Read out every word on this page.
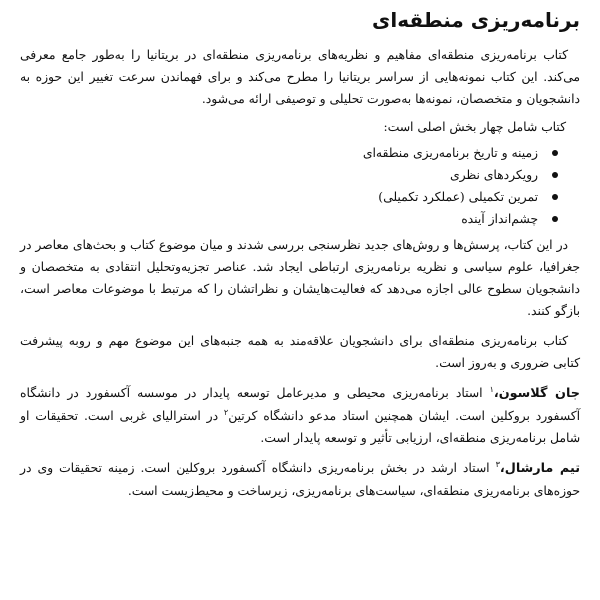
برنامه‌ریزی منطقه‌ای

کتاب برنامه‌ریزی منطقه‌ای مفاهیم و نظریه‌های برنامه‌ریزی منطقه‌ای در بریتانیا را به‌طور جامع معرفی می‌کند. این کتاب نمونه‌هایی از سراسر بریتانیا را مطرح می‌کند و برای فهماندن سرعت تغییر این حوزه به دانشجویان و متخصصان، نمونه‌ها به‌صورت تحلیلی و توصیفی ارائه می‌شود.

کتاب شامل چهار بخش اصلی است:

زمینه و تاریخ برنامه‌ریزی منطقه‌ای
رویکردهای نظری
تمرین تکمیلی (عملکرد تکمیلی)
چشم‌انداز آینده

در این کتاب، پرسش‌ها و روش‌های جدید نظرسنجی بررسی شدند و میان موضوع کتاب و بحث‌های معاصر در جغرافیا، علوم سیاسی و نظریه برنامه‌ریزی ارتباطی ایجاد شد. عناصر تجزیه‌وتحلیل انتقادی به متخصصان و دانشجویان سطوح عالی اجازه می‌دهد که فعالیت‌هایشان و نظراتشان را که مرتبط با موضوعات معاصر است، بازگو کنند.

کتاب برنامه‌ریزی منطقه‌ای برای دانشجویان علاقه‌مند به همه جنبه‌های این موضوع مهم و روبه پیشرفت کتابی ضروری و به‌روز است.

جان گلاسون،$^۱$ استاد برنامه‌ریزی محیطی و مدیرعامل توسعه پایدار در موسسه آکسفورد در دانشگاه آکسفورد بروکلین است. ایشان همچنین استاد مدعو دانشگاه کرتین$^۲$ در استرالیای غربی است. تحقیقات او شامل برنامه‌ریزی منطقه‌ای، ارزیابی تأثیر و توسعه پایدار است.

تیم مارشال،$^۳$ استاد ارشد در بخش برنامه‌ریزی دانشگاه آکسفورد بروکلین است. زمینه تحقیقات وی در حوزه‌های برنامه‌ریزی منطقه‌ای، سیاست‌های برنامه‌ریزی، زیرساخت و محیط‌زیست است.
